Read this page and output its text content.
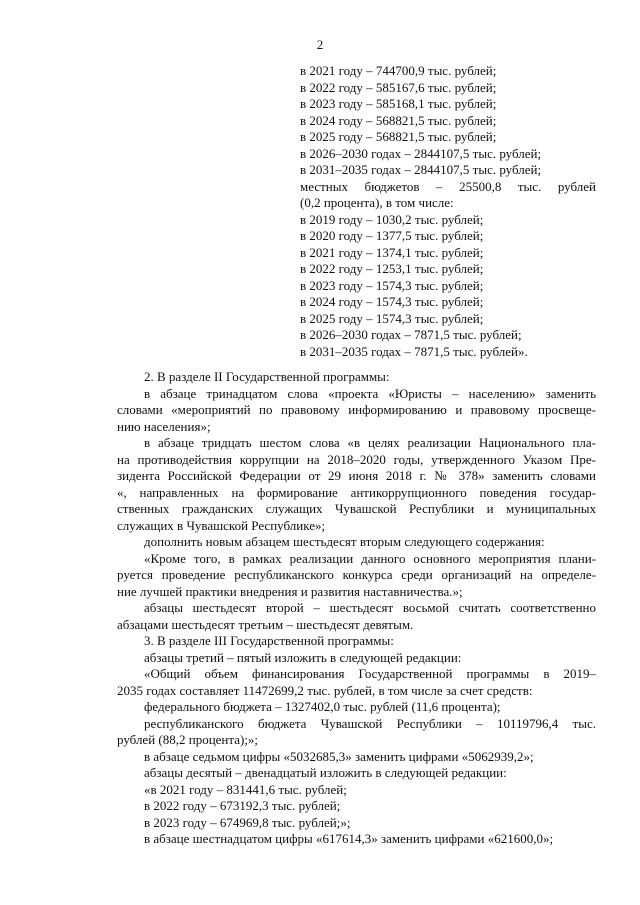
2
в 2021 году – 744700,9 тыс. рублей;
в 2022 году – 585167,6 тыс. рублей;
в 2023 году – 585168,1 тыс. рублей;
в 2024 году – 568821,5 тыс. рублей;
в 2025 году – 568821,5 тыс. рублей;
в 2026–2030 годах – 2844107,5 тыс. рублей;
в 2031–2035 годах – 2844107,5 тыс. рублей;
местных бюджетов – 25500,8 тыс. рублей
(0,2 процента), в том числе:
в 2019 году – 1030,2 тыс. рублей;
в 2020 году – 1377,5 тыс. рублей;
в 2021 году – 1374,1 тыс. рублей;
в 2022 году – 1253,1 тыс. рублей;
в 2023 году – 1574,3 тыс. рублей;
в 2024 году – 1574,3 тыс. рублей;
в 2025 году – 1574,3 тыс. рублей;
в 2026–2030 годах – 7871,5 тыс. рублей;
в 2031–2035 годах – 7871,5 тыс. рублей».
2. В разделе II Государственной программы:
в абзаце тринадцатом слова «проекта «Юристы – населению» заменить
словами «мероприятий по правовому информированию и правовому просвеще-
нию населения»;
в абзаце тридцать шестом слова «в целях реализации Национального пла-
на противодействия коррупции на 2018–2020 годы, утвержденного Указом Пре-
зидента Российской Федерации от 29 июня 2018 г. № 378» заменить словами
«, направленных на формирование антикоррупционного поведения государ-
ственных гражданских служащих Чувашской Республики и муниципальных
служащих в Чувашской Республике»;
дополнить новым абзацем шестьдесят вторым следующего содержания:
«Кроме того, в рамках реализации данного основного мероприятия плани-
руется проведение республиканского конкурса среди организаций на определе-
ние лучшей практики внедрения и развития наставничества.»;
абзацы шестьдесят второй – шестьдесят восьмой считать соответственно
абзацами шестьдесят третьим – шестьдесят девятым.
3. В разделе III Государственной программы:
абзацы третий – пятый изложить в следующей редакции:
«Общий объем финансирования Государственной программы в 2019–
2035 годах составляет 11472699,2 тыс. рублей, в том числе за счет средств:
федерального бюджета – 1327402,0 тыс. рублей (11,6 процента);
республиканского бюджета Чувашской Республики – 10119796,4 тыс.
рублей (88,2 процента);»;
в абзаце седьмом цифры «5032685,3» заменить цифрами «5062939,2»;
абзацы десятый – двенадцатый изложить в следующей редакции:
«в 2021 году – 831441,6 тыс. рублей;
в 2022 году – 673192,3 тыс. рублей;
в 2023 году – 674969,8 тыс. рублей;»;
в абзаце шестнадцатом цифры «617614,3» заменить цифрами «621600,0»;
